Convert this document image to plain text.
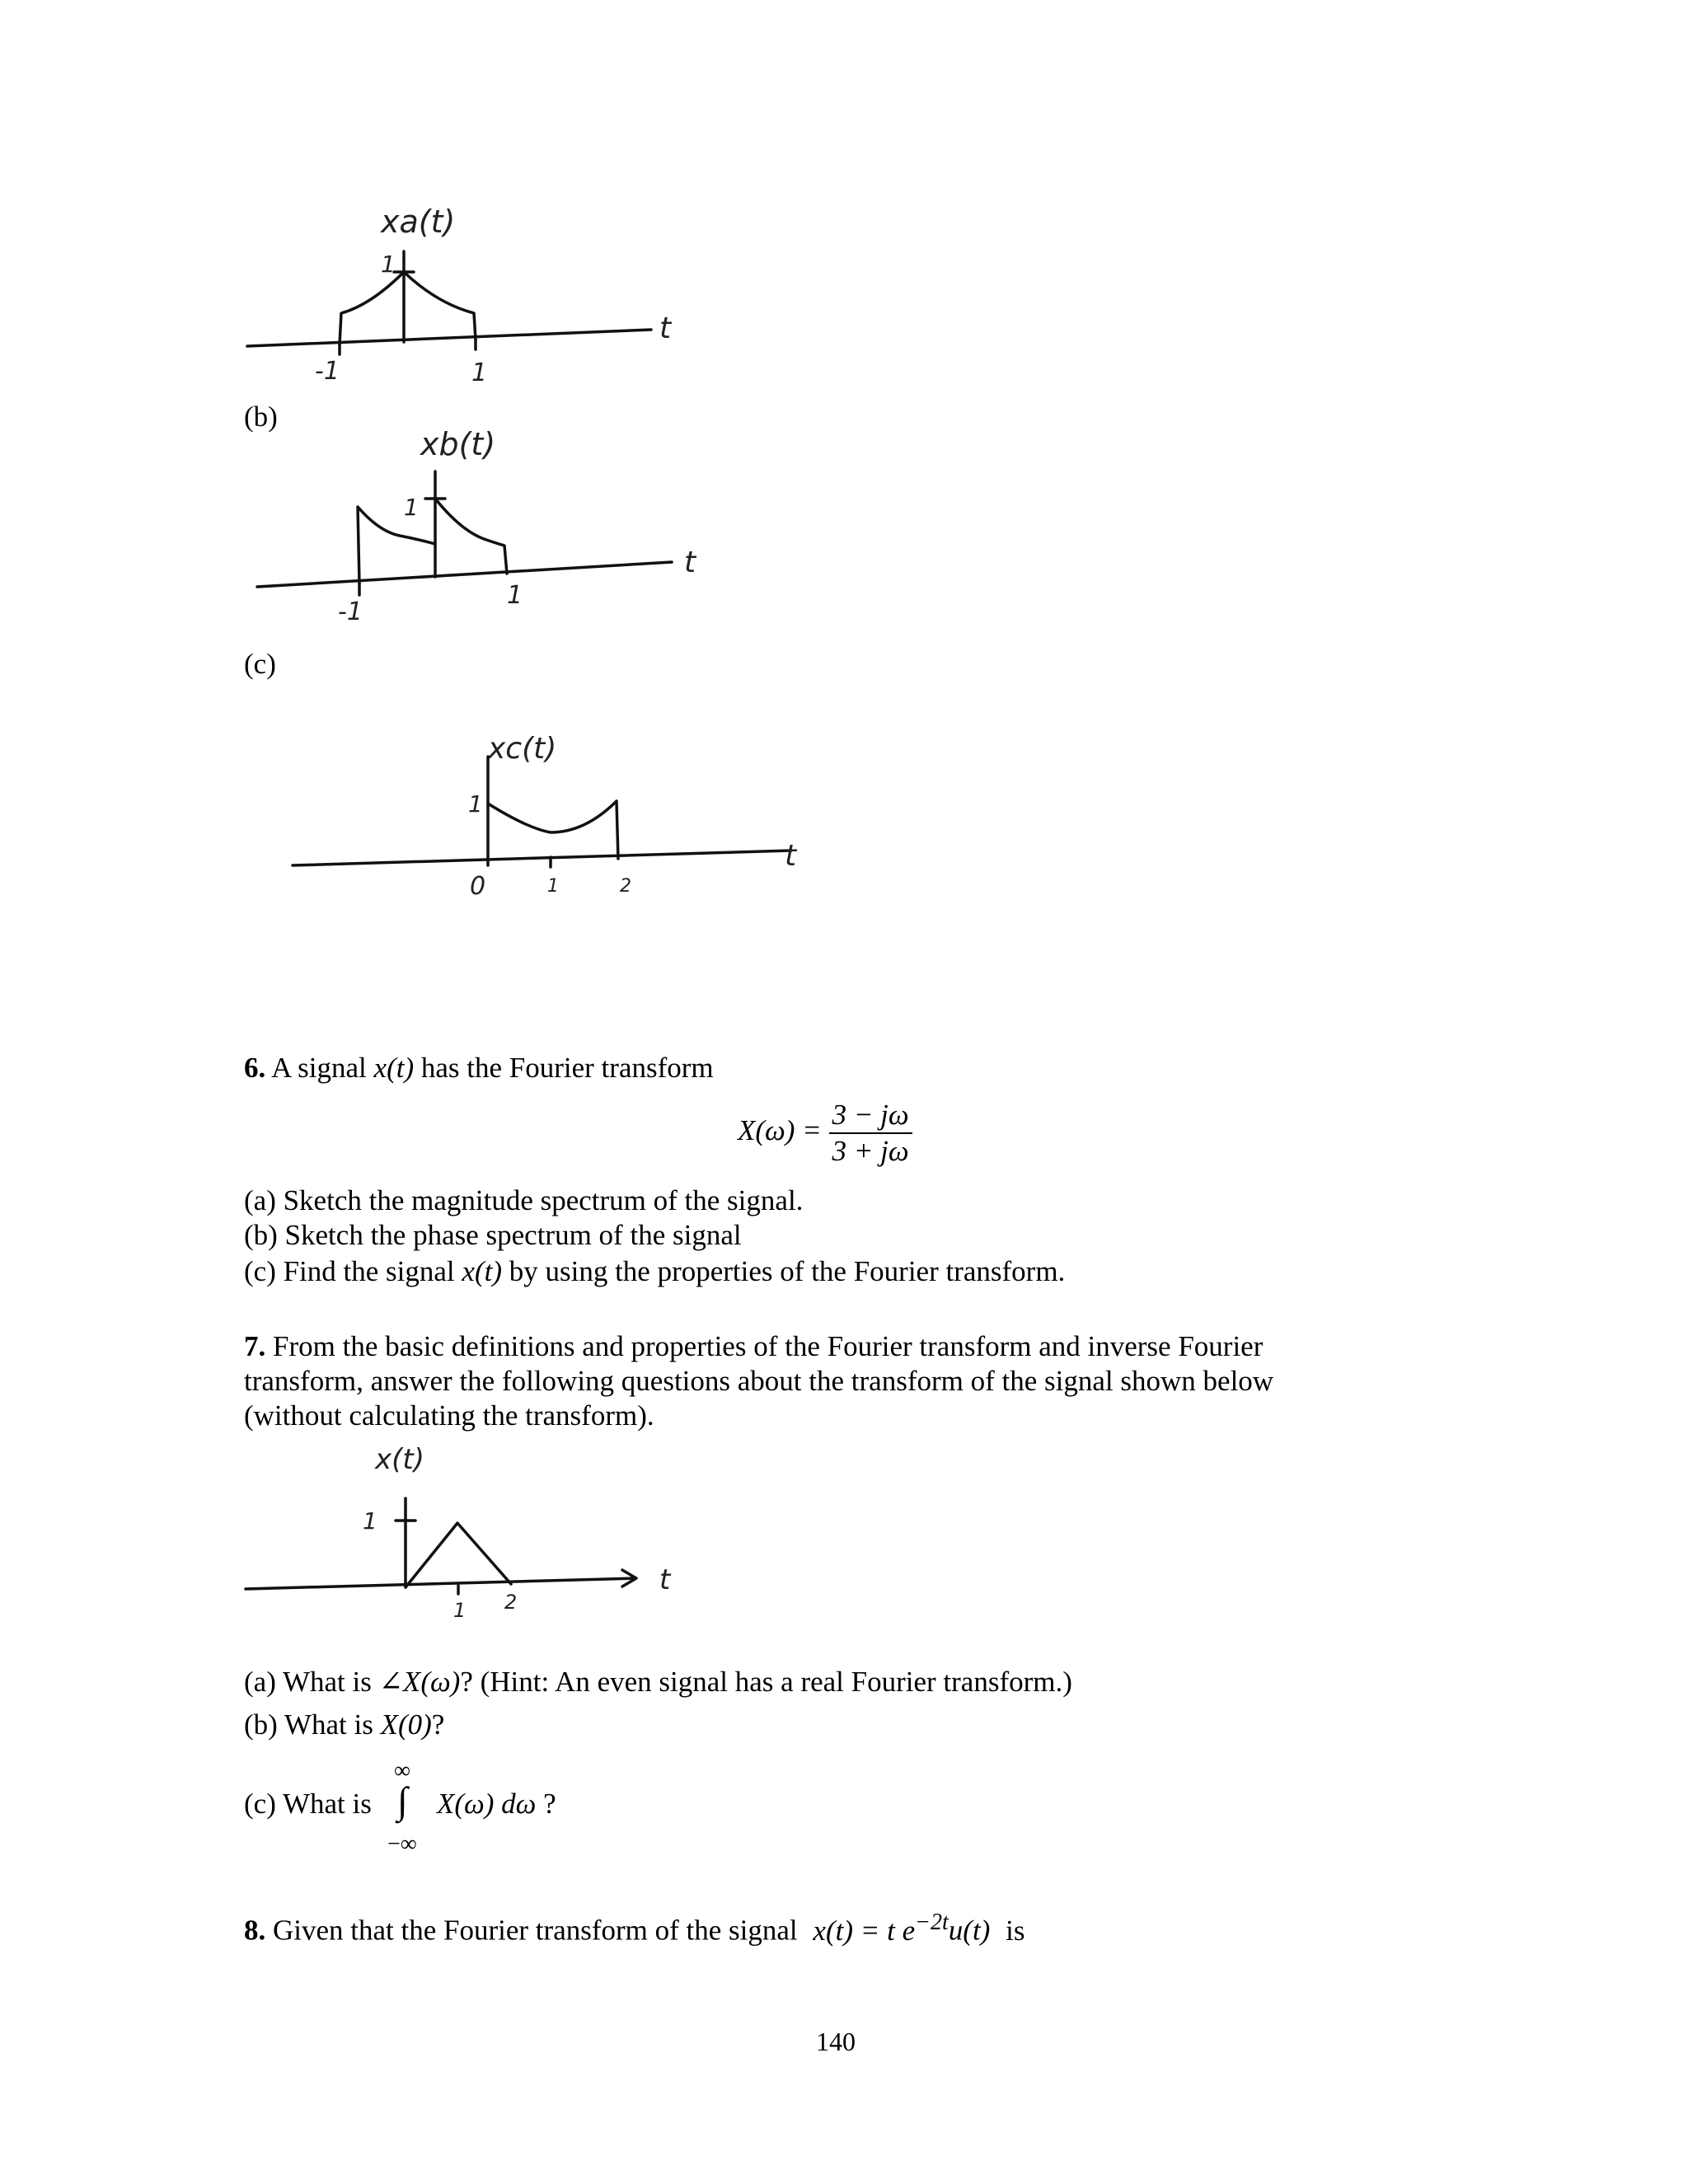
xa(t)
1
-1	1
t
(b)
xb(t)
1
-1
1
t
(c)
xc(t)
1
0	1	2
t
6. A signal x(t) has the Fourier transform
$X(\omega) = \frac{3 - j\omega}{3 + j\omega}$
(a) Sketch the magnitude spectrum of the signal.
(b) Sketch the phase spectrum of the signal
(c) Find the signal x(t) by using the properties of the Fourier transform.
7. From the basic definitions and properties of the Fourier transform and inverse Fourier
transform, answer the following questions about the transform of the signal shown below
(without calculating the transform).
x(t)
1
1 2
t
(a) What is ∠X(ω)? (Hint: An even signal has a real Fourier transform.)
(b) What is X(0)?
(c) What is
∞
∫
−∞
X(ω) dω ?
8. Given that the Fourier transform of the signal x(t) = t $e^{-2t}u(t)$ is
140
